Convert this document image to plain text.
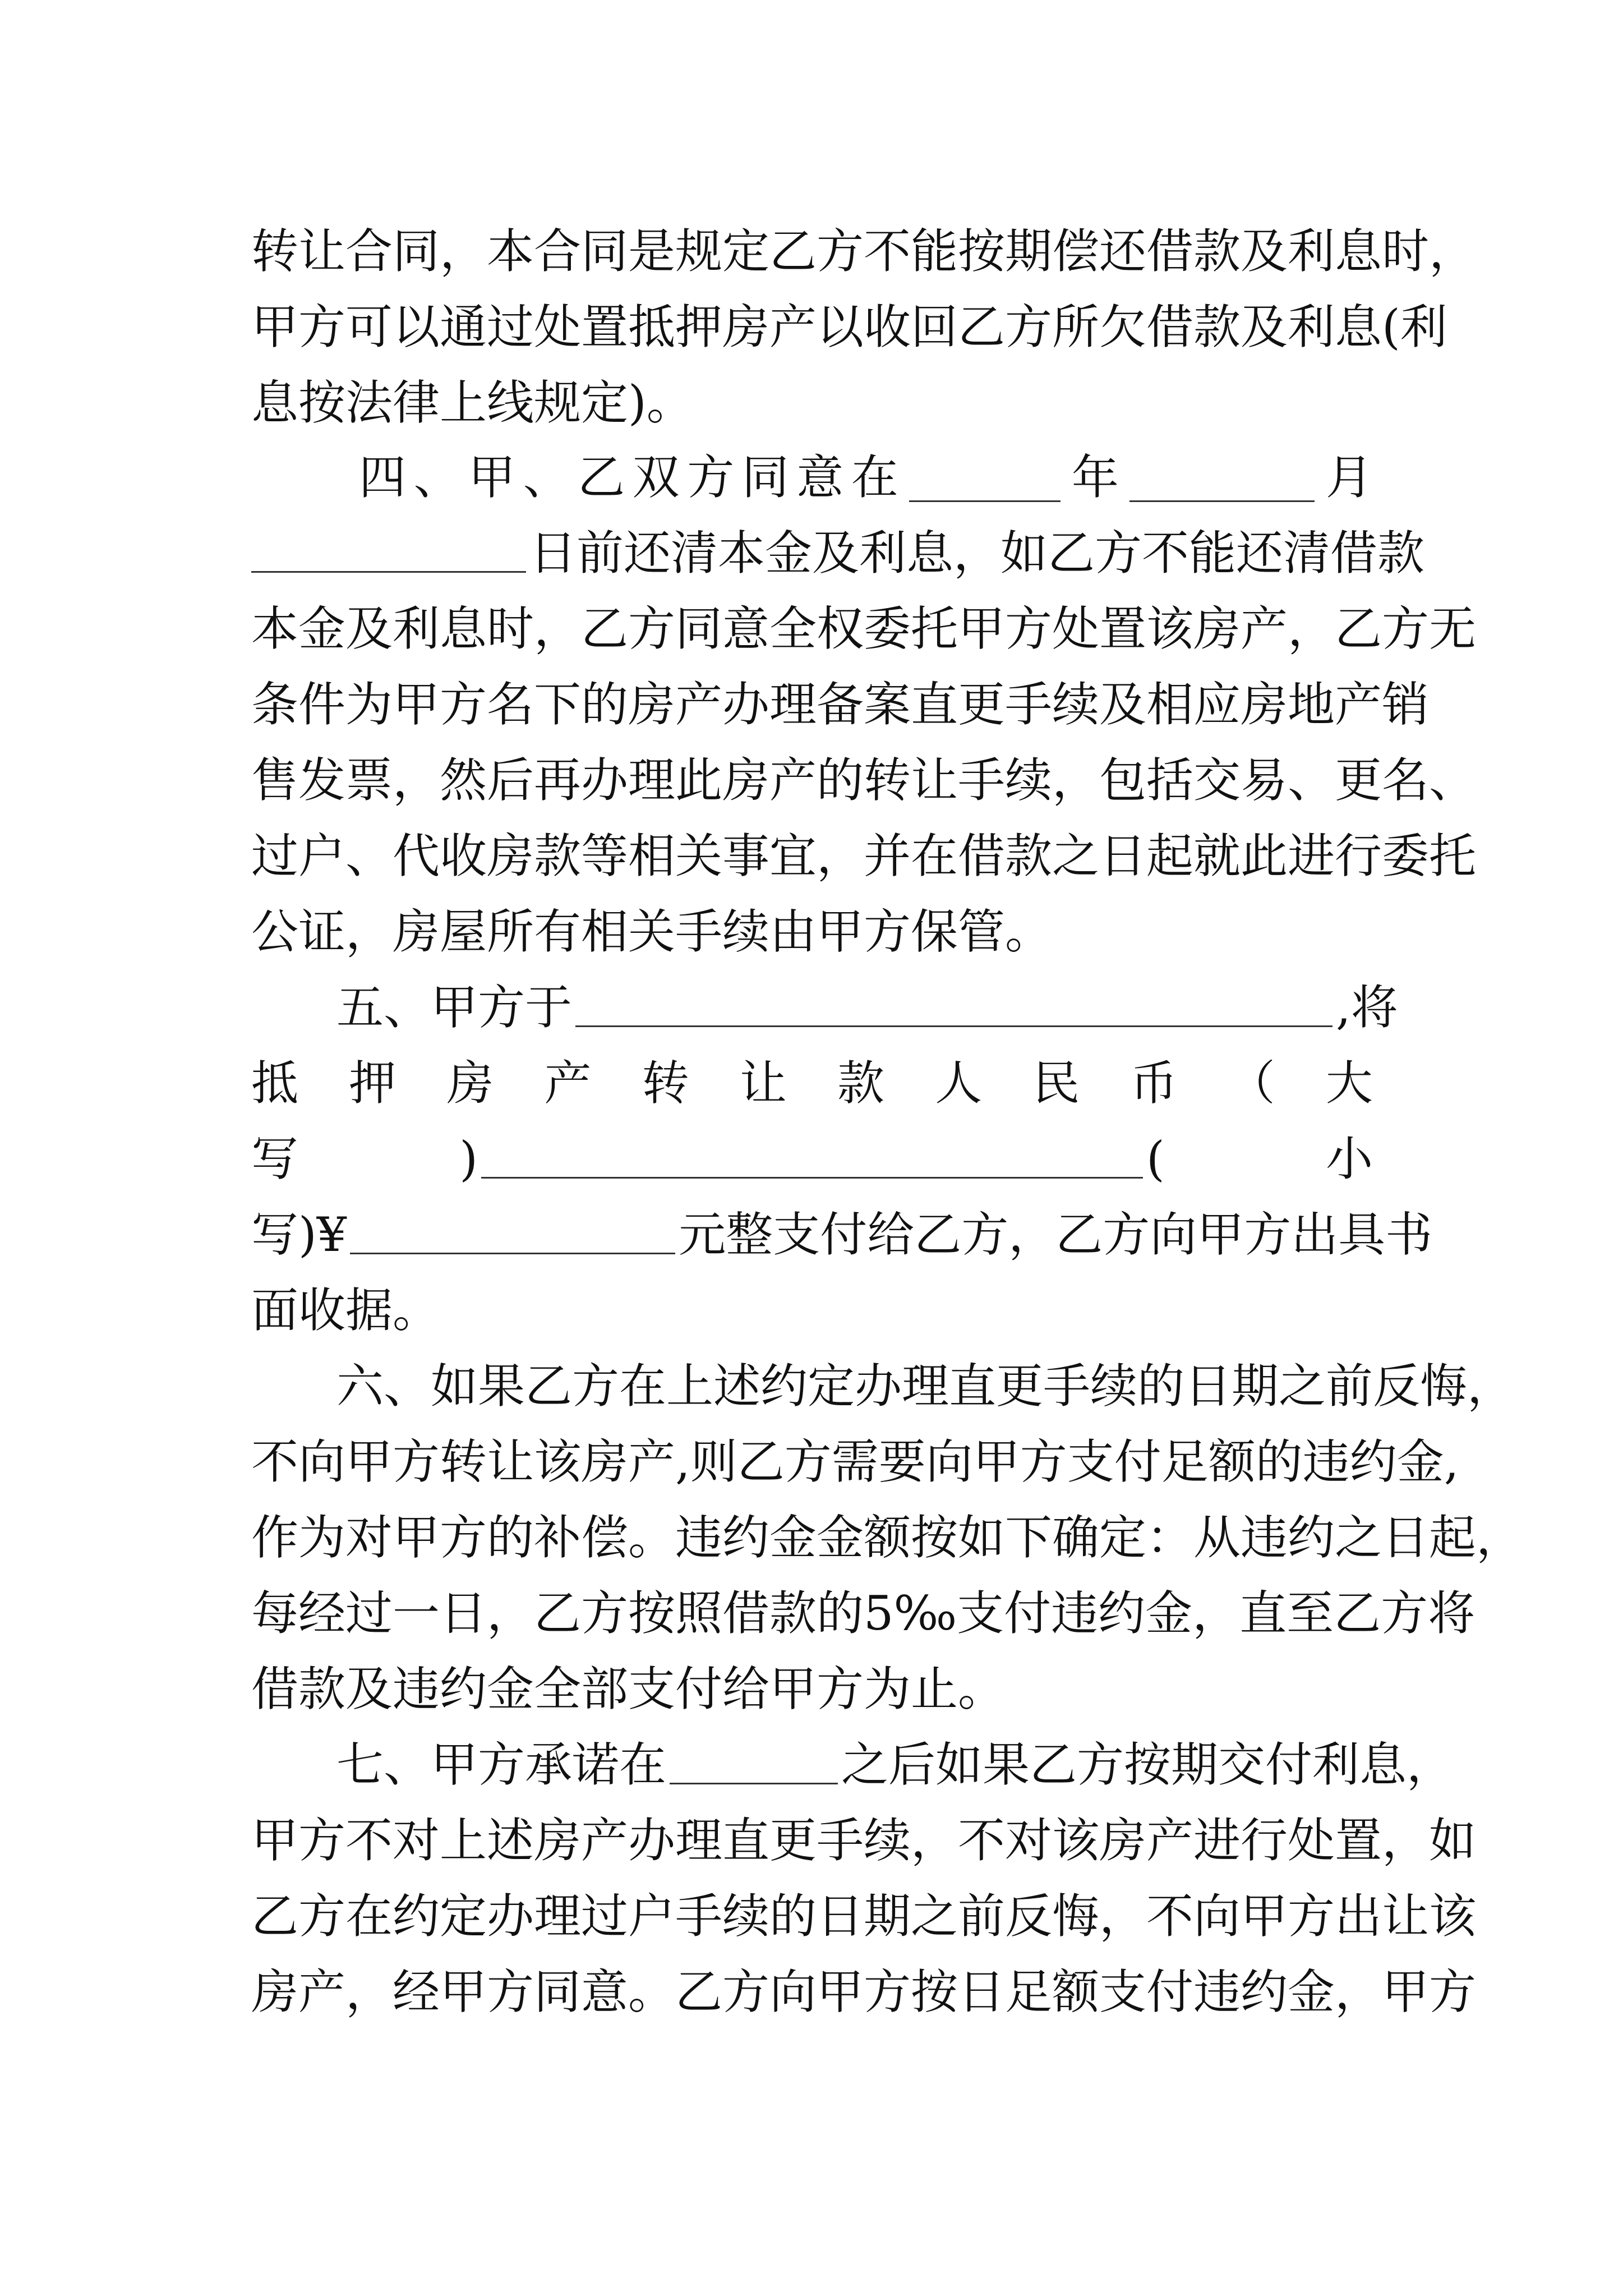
转让合同，本合同是规定乙方不能按期偿还借款及利息时，
甲方可以通过处置抵押房产以收回乙方所欠借款及利息(利
息按法律上线规定)。
四 、 甲 、 乙 双 方 同 意 在	年	月
日前还清本金及利息，如乙方不能还清借款
本金及利息时，乙方同意全权委托甲方处置该房产，乙方无
条件为甲方名下的房产办理备案直更手续及相应房地产销
售发票，然后再办理此房产的转让手续，包括交易、更名、
过户、代收房款等相关事宜，并在借款之日起就此进行委托
公证，房屋所有相关手续由甲方保管。
五、甲方于	,将
抵 押 房 产 转 让 款 人 民 币 （ 大
写	)	(	小
写)¥	元整支付给乙方，乙方向甲方出具书
面收据。
六、如果乙方在上述约定办理直更手续的日期之前反悔，
不向甲方转让该房产,则乙方需要向甲方支付足额的违约金,
作为对甲方的补偿。违约金金额按如下确定：从违约之日起，
每经过一日，乙方按照借款的5‰支付违约金，直至乙方将
借款及违约金全部支付给甲方为止。
七、甲方承诺在	之后如果乙方按期交付利息，
甲方不对上述房产办理直更手续，不对该房产进行处置，如
乙方在约定办理过户手续的日期之前反悔，不向甲方出让该
房产，经甲方同意。乙方向甲方按日足额支付违约金，甲方
